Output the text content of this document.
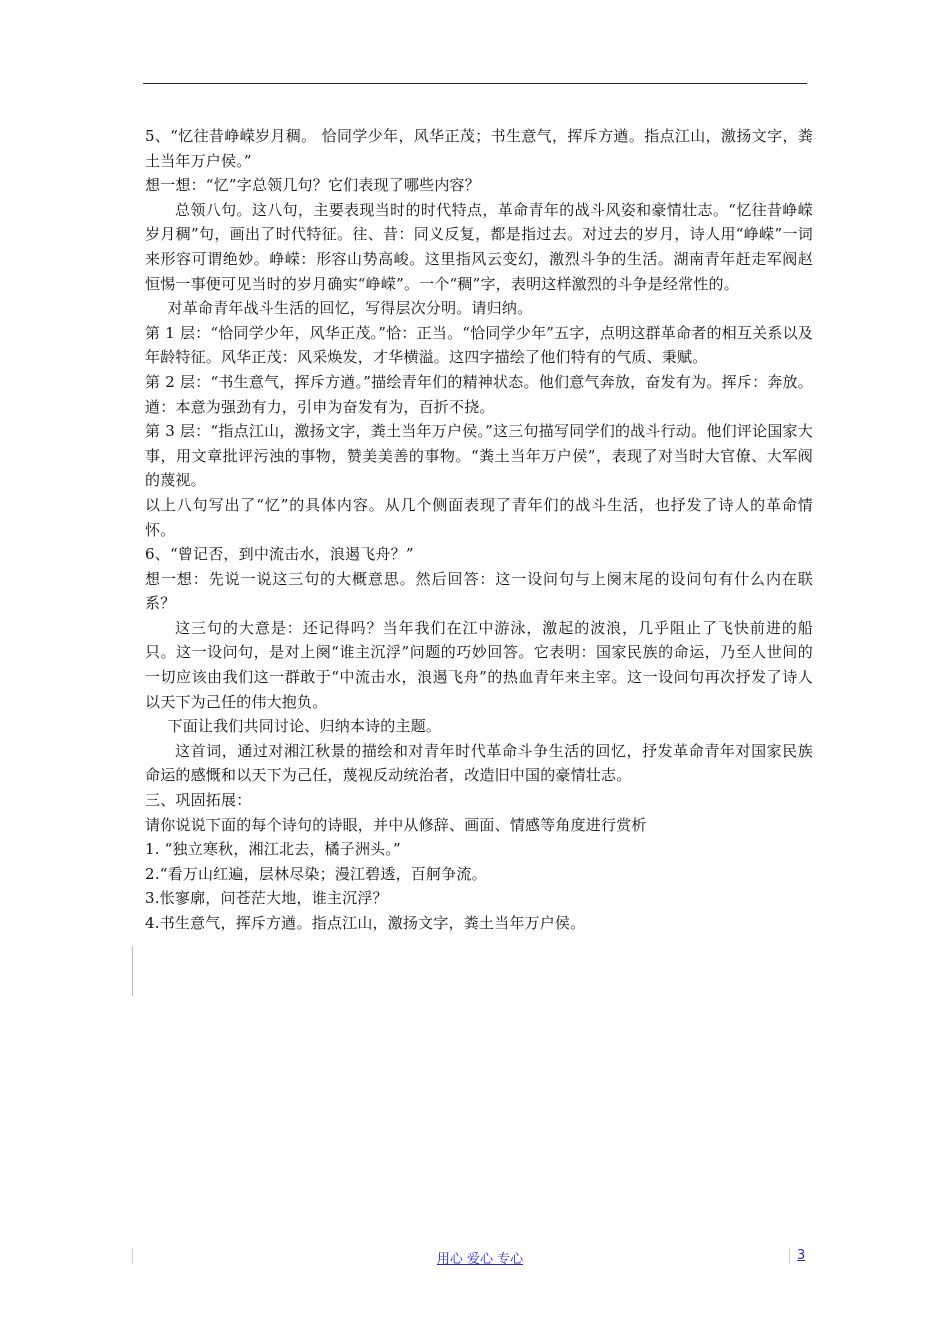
5、“忆往昔峥嵘岁月稠。 恰同学少年，风华正茂；书生意气，挥斥方遒。指点江山，激扬文字，粪土当年万户侯。”

想一想：“忆”字总领几句？它们表现了哪些内容？

总领八句。这八句，主要表现当时的时代特点，革命青年的战斗风姿和豪情壮志。“忆往昔峥嵘岁月稠”句，画出了时代特征。往、昔：同义反复，都是指过去。对过去的岁月，诗人用“峥嵘”一词来形容可谓绝妙。峥嵘：形容山势高峻。这里指风云变幻，激烈斗争的生活。湖南青年赶走军阀赵恒惕一事便可见当时的岁月确实“峥嵘”。一个“稠”字，表明这样激烈的斗争是经常性的。

对革命青年战斗生活的回忆，写得层次分明。请归纳。

第 1 层：“恰同学少年，风华正茂。”恰：正当。“恰同学少年”五字，点明这群革命者的相互关系以及年龄特征。风华正茂：风采焕发，才华横溢。这四字描绘了他们特有的气质、秉赋。

第 2 层：“书生意气，挥斥方遒。”描绘青年们的精神状态。他们意气奔放，奋发有为。挥斥：奔放。遒：本意为强劲有力，引申为奋发有为，百折不挠。

第 3 层：“指点江山，激扬文字，粪土当年万户侯。”这三句描写同学们的战斗行动。他们评论国家大事，用文章批评污浊的事物，赞美美善的事物。“粪土当年万户侯”，表现了对当时大官僚、大军阀的蔑视。

以上八句写出了“忆”的具体内容。从几个侧面表现了青年们的战斗生活，也抒发了诗人的革命情怀。

6、“曾记否，到中流击水，浪遏飞舟？”

想一想：先说一说这三句的大概意思。然后回答：这一设问句与上阕末尾的设问句有什么内在联系？

这三句的大意是：还记得吗？当年我们在江中游泳，激起的波浪，几乎阻止了飞快前进的船只。这一设问句，是对上阕“谁主沉浮”问题的巧妙回答。它表明：国家民族的命运，乃至人世间的一切应该由我们这一群敢于“中流击水，浪遏飞舟”的热血青年来主宰。这一设问句再次抒发了诗人以天下为己任的伟大抱负。

下面让我们共同讨论、归纳本诗的主题。

这首词，通过对湘江秋景的描绘和对青年时代革命斗争生活的回忆，抒发革命青年对国家民族命运的感慨和以天下为己任，蔑视反动统治者，改造旧中国的豪情壮志。

三、巩固拓展：

请你说说下面的每个诗句的诗眼，并中从修辞、画面、情感等角度进行赏析

1. “独立寒秋，湘江北去，橘子洲头。”

2.“看万山红遍，层林尽染；漫江碧透，百舸争流。

3.怅寥廓，问苍茫大地，谁主沉浮？

4.书生意气，挥斥方遒。指点江山，激扬文字，粪土当年万户侯。

用心 爱心 专心	3
